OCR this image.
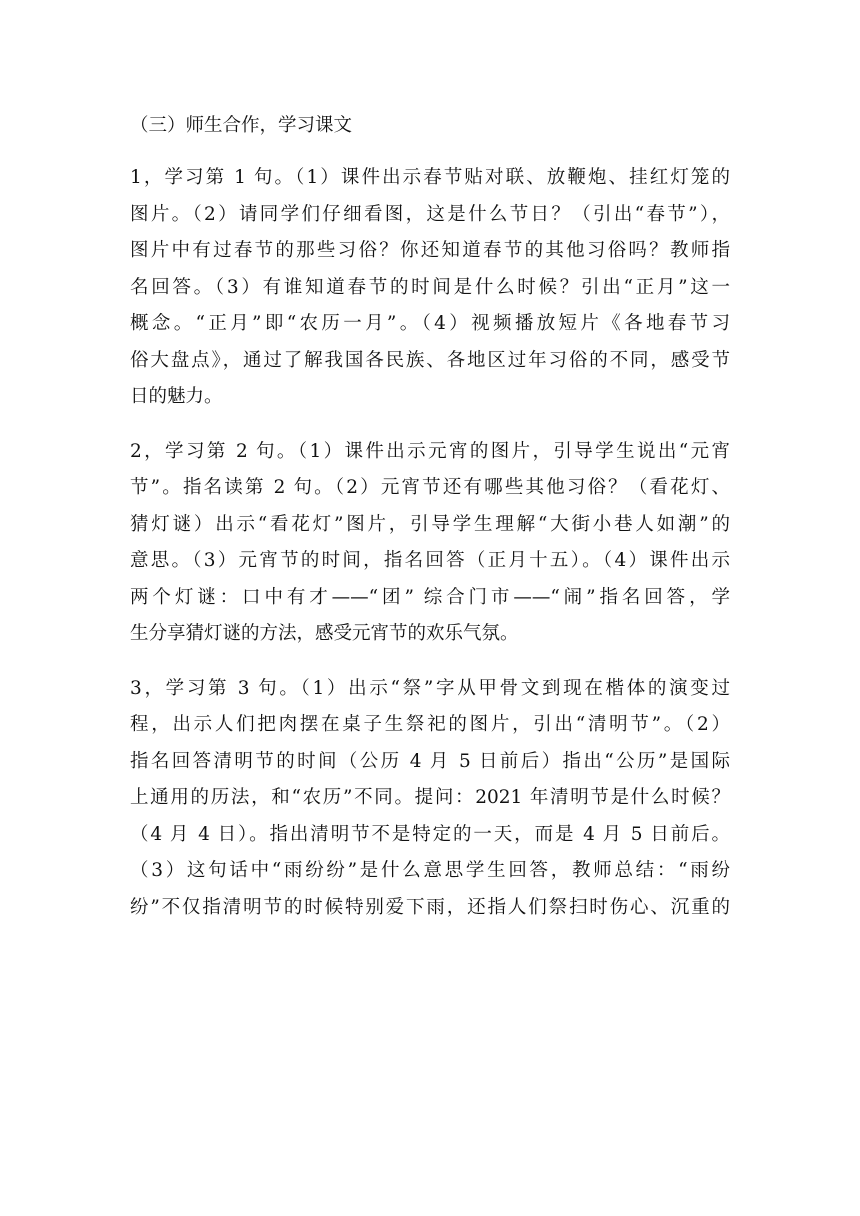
（三）师生合作，学习课文
1，学习第 1 句。（1）课件出示春节贴对联、放鞭炮、挂红灯笼的
图片。（2）请同学们仔细看图，这是什么节日？（引出“春节”），
图片中有过春节的那些习俗？你还知道春节的其他习俗吗？教师指
名回答。（3）有谁知道春节的时间是什么时候？引出“正月”这一
概念。“正月”即“农历一月”。（4）视频播放短片《各地春节习
俗大盘点》，通过了解我国各民族、各地区过年习俗的不同，感受节
日的魅力。
2，学习第 2 句。（1）课件出示元宵的图片，引导学生说出“元宵
节”。指名读第 2 句。（2）元宵节还有哪些其他习俗？（看花灯、
猜灯谜）出示“看花灯”图片，引导学生理解“大街小巷人如潮”的
意思。（3）元宵节的时间，指名回答（正月十五）。（4）课件出示
两个灯谜：口中有才——“团” 综合门市——“闹”指名回答，学
生分享猜灯谜的方法，感受元宵节的欢乐气氛。
3，学习第 3 句。（1）出示“祭”字从甲骨文到现在楷体的演变过
程，出示人们把肉摆在桌子生祭祀的图片，引出“清明节”。（2）
指名回答清明节的时间（公历 4 月 5 日前后）指出“公历”是国际
上通用的历法，和“农历”不同。提问：2021 年清明节是什么时候？
（4 月 4 日）。指出清明节不是特定的一天，而是 4 月 5 日前后。
（3）这句话中“雨纷纷”是什么意思学生回答，教师总结：“雨纷
纷”不仅指清明节的时候特别爱下雨，还指人们祭扫时伤心、沉重的
